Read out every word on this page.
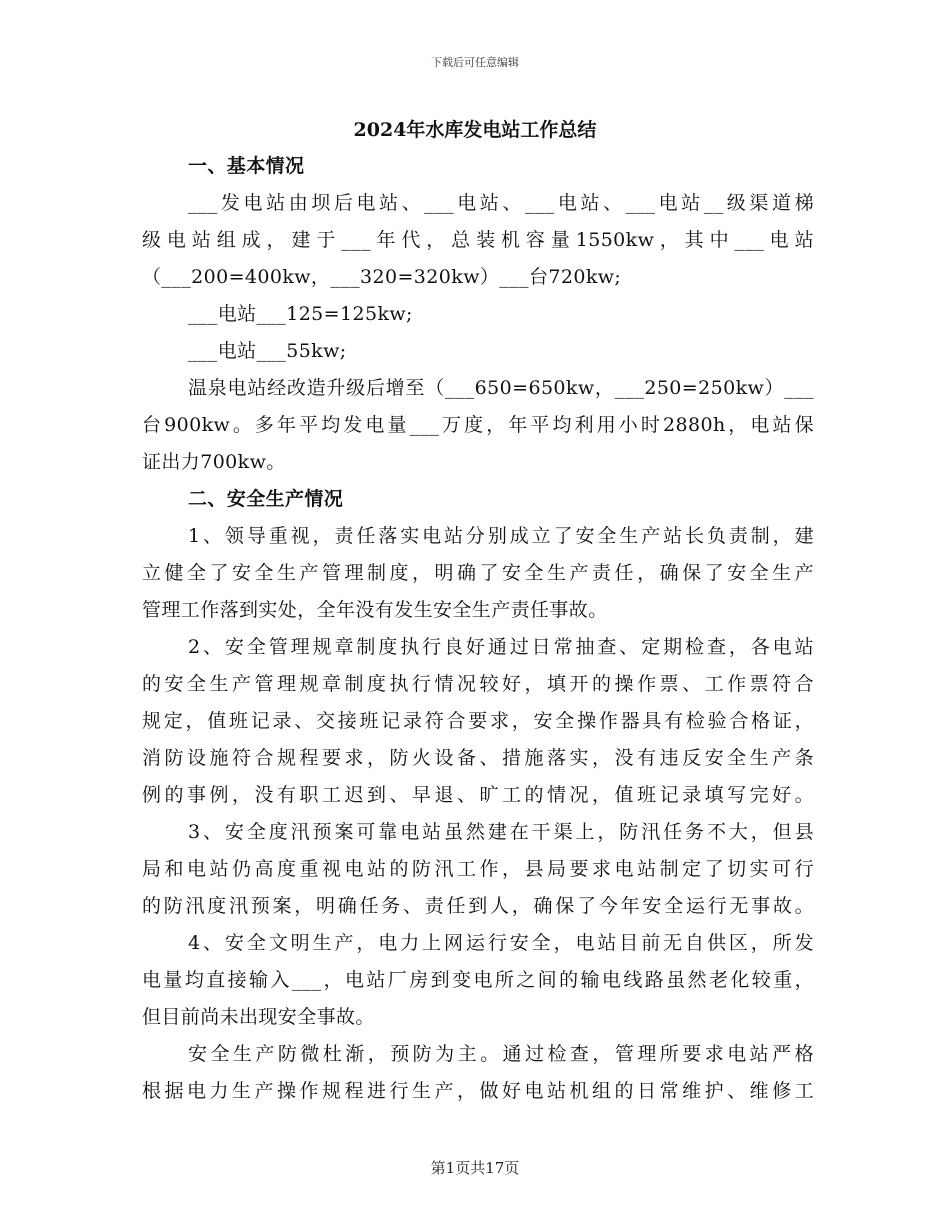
下载后可任意编辑
2024年水库发电站工作总结
一、基本情况
___发电站由坝后电站、___电站、___电站、___电站__级渠道梯
级电站组成，建于___年代，总装机容量1550kw，其中___电站
（___200=400kw，___320=320kw）___台720kw;
___电站___125=125kw;
___电站___55kw;
温泉电站经改造升级后增至（___650=650kw，___250=250kw）___
台900kw。多年平均发电量___万度，年平均利用小时2880h，电站保
证出力700kw。
二、安全生产情况
1、领导重视，责任落实电站分别成立了安全生产站长负责制，建
立健全了安全生产管理制度，明确了安全生产责任，确保了安全生产
管理工作落到实处，全年没有发生安全生产责任事故。
2、安全管理规章制度执行良好通过日常抽查、定期检查，各电站
的安全生产管理规章制度执行情况较好，填开的操作票、工作票符合
规定，值班记录、交接班记录符合要求，安全操作器具有检验合格证，
消防设施符合规程要求，防火设备、措施落实，没有违反安全生产条
例的事例，没有职工迟到、早退、旷工的情况，值班记录填写完好。
3、安全度汛预案可靠电站虽然建在干渠上，防汛任务不大，但县
局和电站仍高度重视电站的防汛工作，县局要求电站制定了切实可行
的防汛度汛预案，明确任务、责任到人，确保了今年安全运行无事故。
4、安全文明生产，电力上网运行安全，电站目前无自供区，所发
电量均直接输入___，电站厂房到变电所之间的输电线路虽然老化较重，
但目前尚未出现安全事故。
安全生产防微杜渐，预防为主。通过检查，管理所要求电站严格
根据电力生产操作规程进行生产，做好电站机组的日常维护、维修工
第1页共17页
